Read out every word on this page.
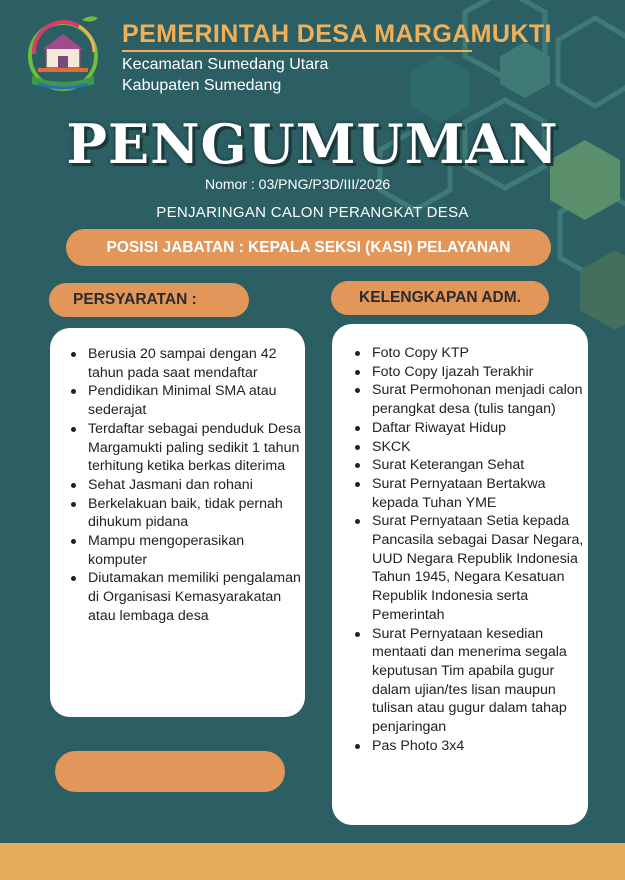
PEMERINTAH DESA MARGAMUKTI
Kecamatan Sumedang Utara
Kabupaten Sumedang
PENGUMUMAN
Nomor : 03/PNG/P3D/III/2026
PENJARINGAN CALON PERANGKAT DESA
POSISI JABATAN : KEPALA SEKSI (KASI) PELAYANAN
PERSYARATAN :	KELENGKAPAN ADM.
Berusia 20 sampai dengan 42 tahun pada saat mendaftar
Pendidikan Minimal SMA atau sederajat
Terdaftar sebagai penduduk Desa Margamukti paling sedikit 1 tahun terhitung ketika berkas diterima
Sehat Jasmani dan rohani
Berkelakuan baik, tidak pernah dihukum pidana
Mampu mengoperasikan komputer
Diutamakan memiliki pengalaman di Organisasi Kemasyarakatan atau lembaga desa
Foto Copy KTP
Foto Copy Ijazah Terakhir
Surat Permohonan menjadi calon perangkat desa (tulis tangan)
Daftar Riwayat Hidup
SKCK
Surat Keterangan Sehat
Surat Pernyataan Bertakwa kepada Tuhan YME
Surat Pernyataan Setia kepada Pancasila sebagai Dasar Negara, UUD Negara Republik Indonesia Tahun 1945, Negara Kesatuan Republik Indonesia serta Pemerintah
Surat Pernyataan kesedian mentaati dan menerima segala keputusan Tim apabila gugur dalam ujian/tes lisan maupun tulisan atau gugur dalam tahap penjaringan
Pas Photo 3x4
